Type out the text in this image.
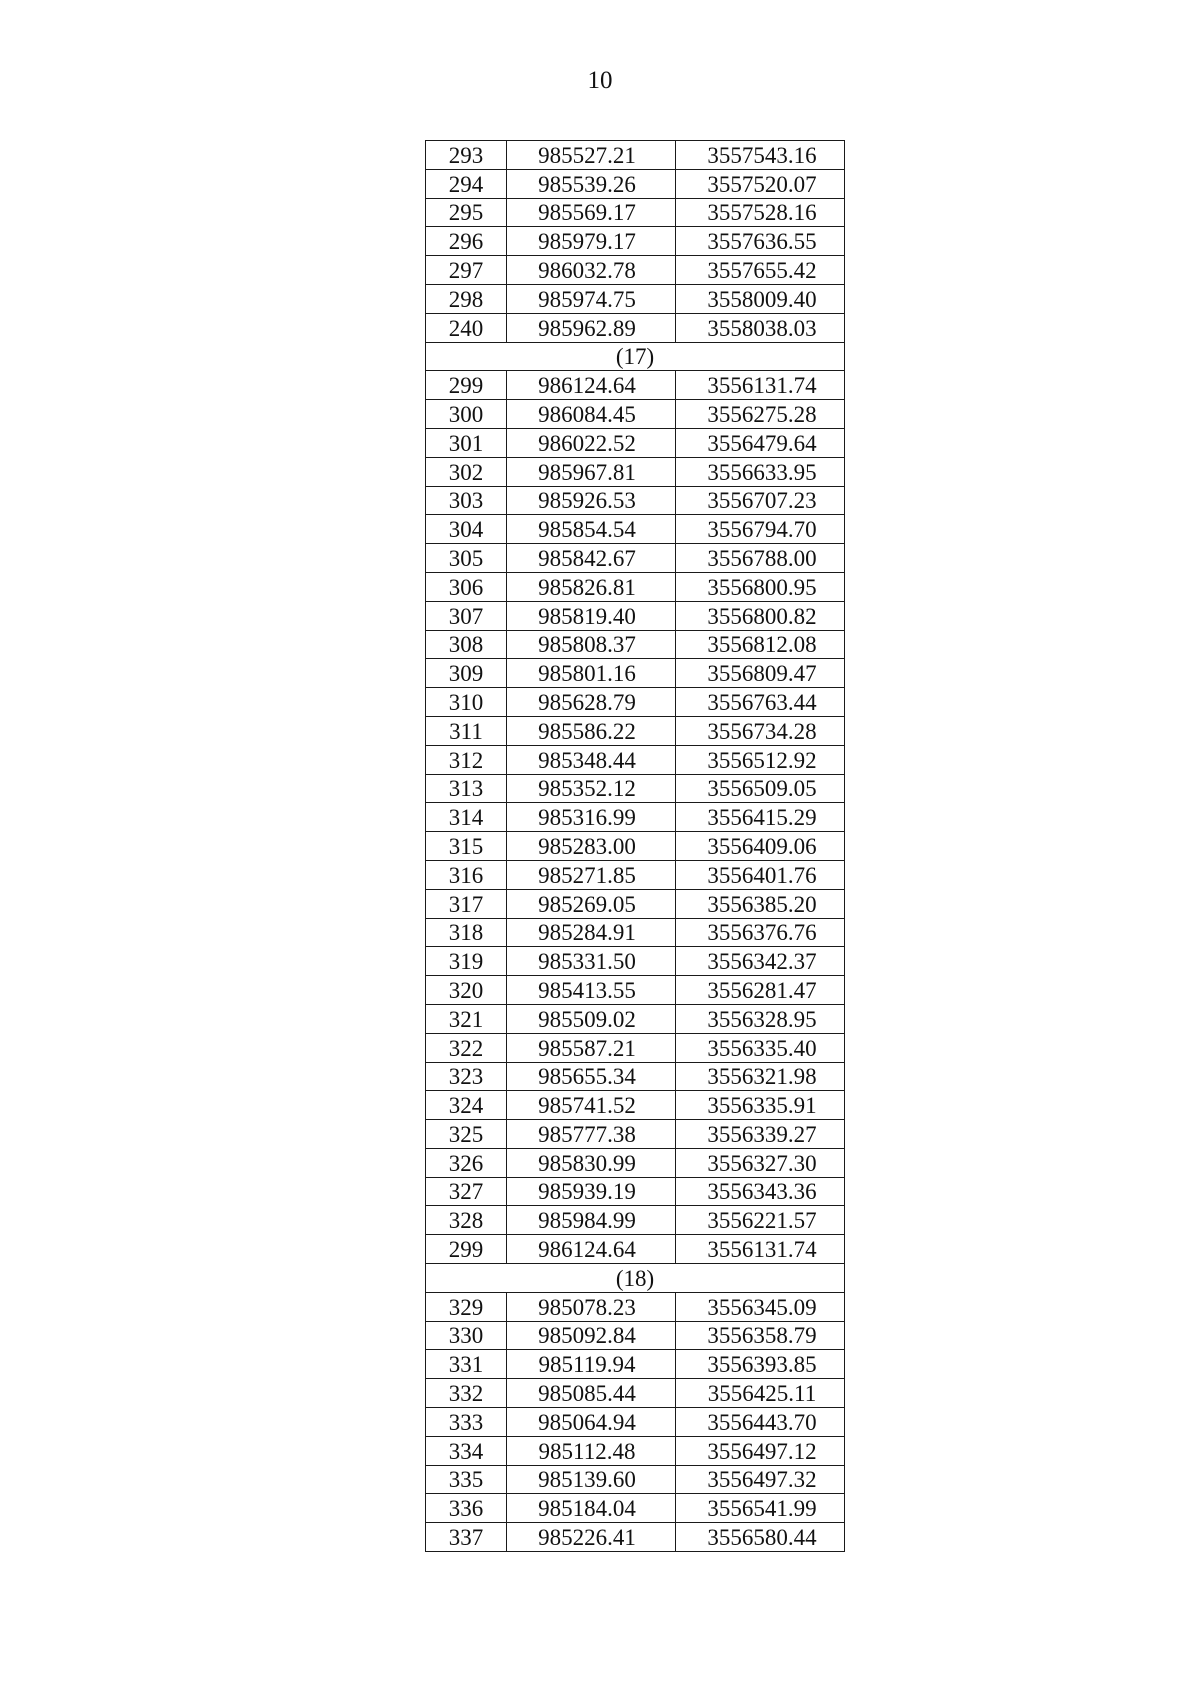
10
293	985527.21	3557543.16
294	985539.26	3557520.07
295	985569.17	3557528.16
296	985979.17	3557636.55
297	986032.78	3557655.42
298	985974.75	3558009.40
240	985962.89	3558038.03
(17)		
299	986124.64	3556131.74
300	986084.45	3556275.28
301	986022.52	3556479.64
302	985967.81	3556633.95
303	985926.53	3556707.23
304	985854.54	3556794.70
305	985842.67	3556788.00
306	985826.81	3556800.95
307	985819.40	3556800.82
308	985808.37	3556812.08
309	985801.16	3556809.47
310	985628.79	3556763.44
311	985586.22	3556734.28
312	985348.44	3556512.92
313	985352.12	3556509.05
314	985316.99	3556415.29
315	985283.00	3556409.06
316	985271.85	3556401.76
317	985269.05	3556385.20
318	985284.91	3556376.76
319	985331.50	3556342.37
320	985413.55	3556281.47
321	985509.02	3556328.95
322	985587.21	3556335.40
323	985655.34	3556321.98
324	985741.52	3556335.91
325	985777.38	3556339.27
326	985830.99	3556327.30
327	985939.19	3556343.36
328	985984.99	3556221.57
299	986124.64	3556131.74
(18)		
329	985078.23	3556345.09
330	985092.84	3556358.79
331	985119.94	3556393.85
332	985085.44	3556425.11
333	985064.94	3556443.70
334	985112.48	3556497.12
335	985139.60	3556497.32
336	985184.04	3556541.99
337	985226.41	3556580.44
